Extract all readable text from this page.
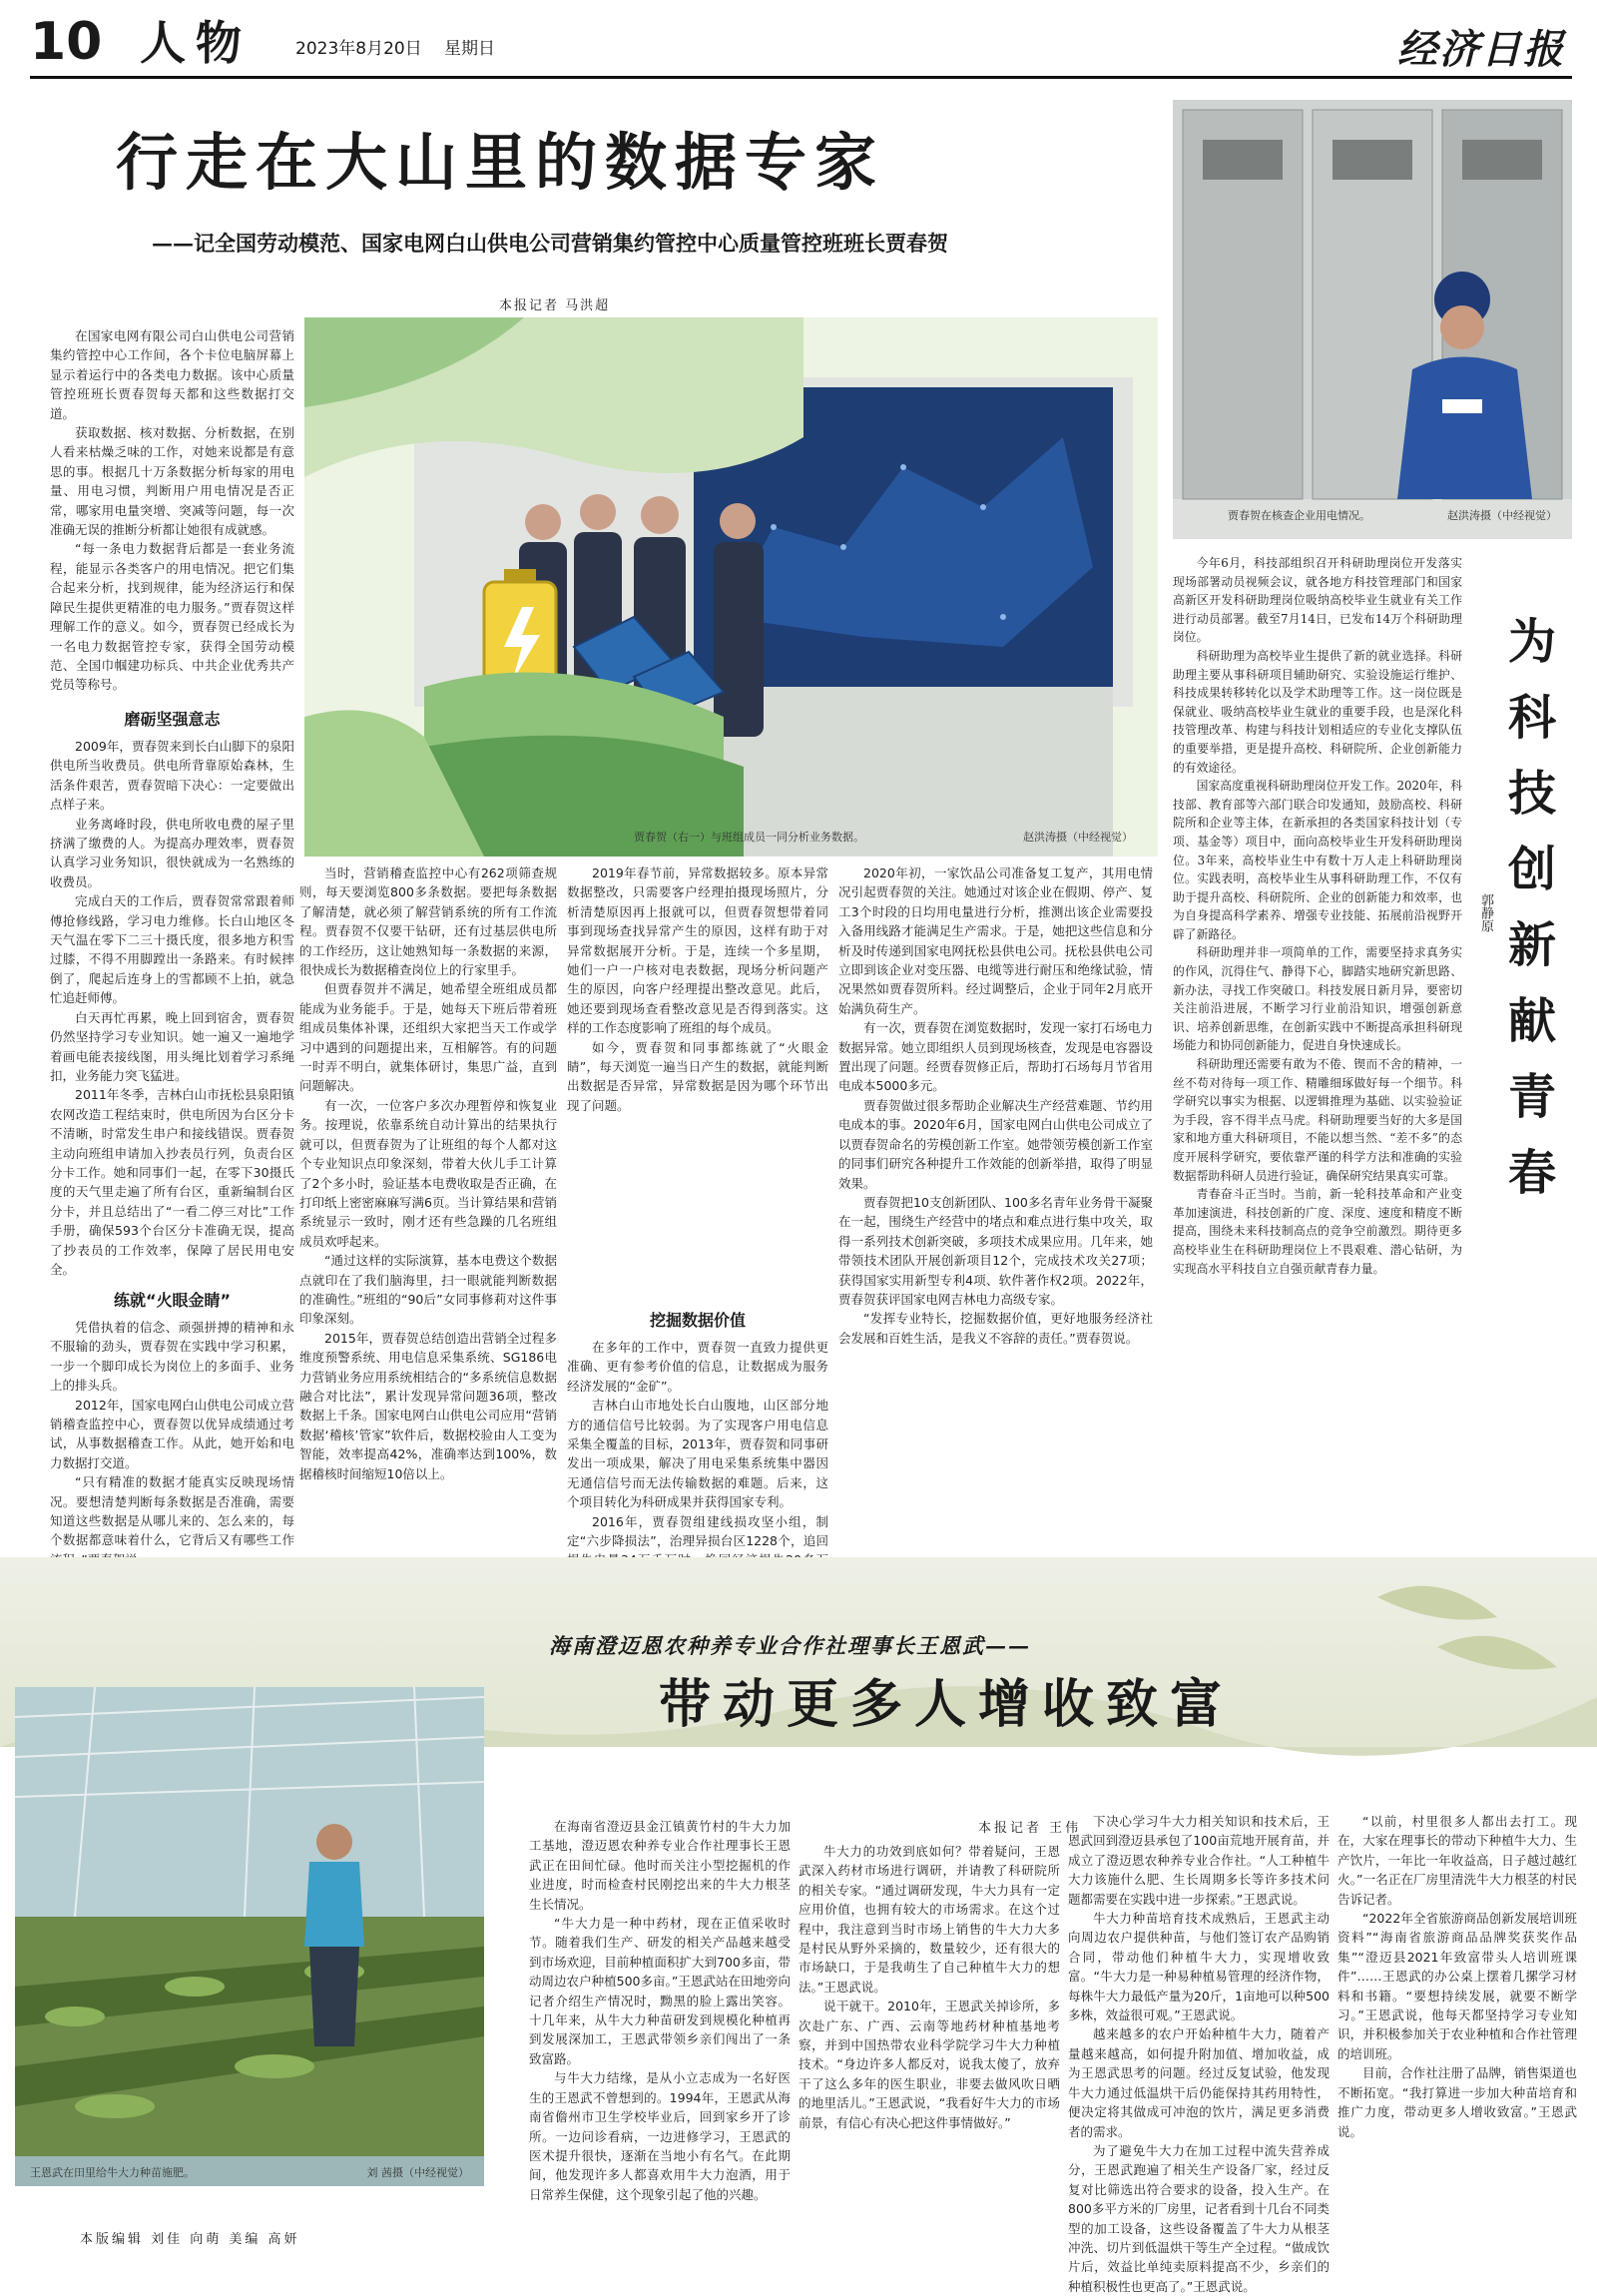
10 人物	2023年8月20日 星期日	经济日报
行走在大山里的数据专家
——记全国劳动模范、国家电网白山供电公司营销集约管控中心质量管控班班长贾春贺
本报记者 马洪超
贾春贺（右一）与班组成员一同分析业务数据。	赵洪涛摄（中经视觉）
贾春贺在核查企业用电情况。	赵洪涛摄（中经视觉）

在国家电网有限公司白山供电公司营销集约管控中心工作间，各个卡位电脑屏幕上显示着运行中的各类电力数据。该中心质量管控班班长贾春贺每天都和这些数据打交道。

获取数据、核对数据、分析数据，在别人看来枯燥乏味的工作，对她来说都是有意思的事。根据几十万条数据分析每家的用电量、用电习惯，判断用户用电情况是否正常，哪家用电量突增、突减等问题，每一次准确无误的推断分析都让她很有成就感。

“每一条电力数据背后都是一套业务流程，能显示各类客户的用电情况。把它们集合起来分析，找到规律，能为经济运行和保障民生提供更精准的电力服务。”贾春贺这样理解工作的意义。如今，贾春贺已经成长为一名电力数据管控专家，获得全国劳动模范、全国巾帼建功标兵、中共企业优秀共产党员等称号。

磨砺坚强意志

2009年，贾春贺来到长白山脚下的泉阳供电所当收费员。供电所背靠原始森林，生活条件艰苦，贾春贺暗下决心：一定要做出点样子来。

业务离峰时段，供电所收电费的屋子里挤满了缴费的人。为提高办理效率，贾春贺认真学习业务知识，很快就成为一名熟练的收费员。

完成白天的工作后，贾春贺常常跟着师傅抢修线路，学习电力维修。长白山地区冬天气温在零下二三十摄氏度，很多地方积雪过膝，不得不用脚蹚出一条路来。有时候摔倒了，爬起后连身上的雪都顾不上拍，就急忙追赶师傅。

白天再忙再累，晚上回到宿舍，贾春贺仍然坚持学习专业知识。她一遍又一遍地学着画电能表接线图，用头绳比划着学习系绳扣，业务能力突飞猛进。

2011年冬季，吉林白山市抚松县泉阳镇农网改造工程结束时，供电所因为台区分卡不清晰，时常发生串户和接线错误。贾春贺主动向班组申请加入抄表员行列，负责台区分卡工作。她和同事们一起，在零下30摄氏度的天气里走遍了所有台区，重新编制台区分卡，并且总结出了“一看二停三对比”工作手册，确保593个台区分卡准确无误，提高了抄表员的工作效率，保障了居民用电安全。

练就“火眼金睛”

凭借执着的信念、顽强拼搏的精神和永不服输的劲头，贾春贺在实践中学习积累，一步一个脚印成长为岗位上的多面手、业务上的排头兵。

2012年，国家电网白山供电公司成立营销稽查监控中心，贾春贺以优异成绩通过考试，从事数据稽查工作。从此，她开始和电力数据打交道。

“只有精准的数据才能真实反映现场情况。要想清楚判断每条数据是否准确，需要知道这些数据是从哪儿来的、怎么来的，每个数据都意味着什么，它背后又有哪些工作

当时，营销稽查监控中心有262项筛查规则，每天要浏览800多条数据。要把每条数据了解清楚，就必须了解营销系统的所有工作流程。贾春贺不仅要干钻研，还有过基层供电所的工作经历，这让她熟知每一条数据的来源，很快成长为数据稽查岗位上的行家里手。

但贾春贺并不满足，她希望全班组成员都能成为业务能手。于是，她每天下班后带着班组成员集体补课，还组织大家把当天工作或学习中遇到的问题提出来，互相解答。有的问题一时弄不明白，就集体研讨，集思广益，直到问题解决。

有一次，一位客户多次办理暂停和恢复业务。按理说，依靠系统自动计算出的结果执行就可以，但贾春贺为了让班组的每个人都对这个专业知识点印象深刻，带着大伙儿手工计算了2个多小时，验证基本电费收取是否正确，在打印纸上密密麻麻写满6页。当计算结果和营销系统显示一致时，刚才还有些急躁的几名班组成员欢呼起来。

“通过这样的实际演算，基本电费这个数据点就印在了我们脑海里，扫一眼就能判断数据的准确性。”班组的“90后”女同事修莉对这件事印象深刻。

2015年，贾春贺总结创造出营销全过程多维度预警系统、用电信息采集系统、SG186电力营销业务应用系统相结合的“多系统信息数据融合对比法”，累计发现异常问题36项，整改数据上千条。国家电网白山供电公司应用“营销数据‘稽核’管家”软件后，数据校验由人工变为智能，效率提高42%，准确率达到100%，数据稽核时间缩短10倍以上。

2019年春节前，异常数据较多。原本异常数据整改，只需要客户经理拍摄现场照片，分析清楚原因再上报就可以，但贾春贺想带着同事到现场查找异常产生的原因，这样有助于对异常数据展开分析。于是，连续一个多星期，她们一户一户核对电表数据，现场分析问题产生的原因，向客户经理提出整改意见。此后，她还要到现场查看整改意见是否得到落实。这样的工作态度影响了班组的每个成员。

如今，贾春贺和同事都练就了“火眼金睛”，每天浏览一遍当日产生的数据，就能判断出数据是否异常，异常数据是因为哪个环节出现了问题。

挖掘数据价值

在多年的工作中，贾春贺一直致力提供更准确、更有参考价值的信息，让数据成为服务经济发展的“金矿”。

吉林白山市地处长白山腹地，山区部分地方的通信信号比较弱。为了实现客户用电信息采集全覆盖的目标，2013年，贾春贺和同事研发出一项成果，解决了用电采集系统集中器因无通信信号而无法传输数据的难题。后来，这个项目转化为科研成果并获得国家专利。

2016年，贾春贺组建线损攻坚小组，制定“六步降损法”，治理异损台区1228个，追回

2020年初，一家饮品公司准备复工复产，其用电情况引起贾春贺的关注。她通过对该企业在假期、停产、复工3个时段的日均用电量进行分析，推测出该企业需要投入备用线路才能满足生产需求。于是，她把这些信息和分析及时传递到国家电网抚松县供电公司。抚松县供电公司立即到该企业对变压器、电缆等进行耐压和绝缘试验，情况果然如贾春贺所料。经过调整后，企业于同年2月底开始满负荷生产。

有一次，贾春贺在浏览数据时，发现一家打石场电力数据异常。她立即组织人员到现场核查，发现是电容器设置出现了问题。经贾春贺修正后，帮助打石场每月节省用电成本5000多元。

贾春贺做过很多帮助企业解决生产经营难题、节约用电成本的事。2020年6月，国家电网白山供电公司成立了以贾春贺命名的劳模创新工作室。她带领劳模创新工作室的同事们研究各种提升工作效能的创新举措，取得了明显效果。

贾春贺把10支创新团队、100多名青年业务骨干凝聚在一起，围绕生产经营中的堵点和难点进行集中攻关，取得一系列技术创新突破，多项技术成果应用。几年来，她带领技术团队开展创新项目12个，完成技术攻关27项；获得国家实用新型专利4项、软件著作权2项。2022年，贾春贺获评国家电网吉林电力高级专家。

“发挥专业特长，挖掘数据价值，更好地服务经济社会发展和百姓生活，是我义不容辞的责任。”贾春贺说。

今年6月，科技部组织召开科研助理岗位开发落实现场部署动员视频会议，就各地方科技管理部门和国家高新区开发科研助理岗位吸纳高校毕业生就业有关工作进行动员部署。截至7月14日，已发布14万个科研助理岗位。

科研助理为高校毕业生提供了新的就业选择。科研助理主要从事科研项目辅助研究、实验设施运行维护、科技成果转移转化以及学术助理等工作。这一岗位既是保就业、吸纳高校毕业生就业的重要手段，也是深化科技管理改革、构建与科技计划相适应的专业化支撑队伍的重要举措，更是提升高校、科研院所、企业创新能力的有效途径。

国家高度重视科研助理岗位开发工作。2020年，科技部、教育部等六部门联合印发通知，鼓励高校、科研院所和企业等主体，在新承担的各类国家科技计划（专项、基金等）项目中，面向高校毕业生开发科研助理岗位。3年来，高校毕业生中有数十万人走上科研助理岗位。实践表明，高校毕业生从事科研助理工作，不仅有助于提升高校、科研院所、企业的创新能力和效率，也为自身提高科学素养、增强专业技能、拓展前沿视野开辟了新路径。

科研助理并非一项简单的工作，需要坚持求真务实的作风，沉得住气、静得下心，脚踏实地研究新思路、新办法，寻找工作突破口。科技发展日新月异，要密切关注前沿进展，不断学习行业前沿知识，增强创新意识、培养创新思维，在创新实践中不断提高承担科研现场能力和协同创新能力，促进自身快速成长。

科研助理还需要有敢为不倦、锲而不舍的精神，一丝不苟对待每一项工作、精雕细琢做好每一个细节。科学研究以事实为根据、以逻辑推理为基础、以实验验证为手段，容不得半点马虎。科研助理要当好的大多是国家和地方重大科研项目，不能以想当然、“差不多”的态度开展科学研究，要依靠严谨的科学方法和准确的实验数据帮助科研人员进行验证，确保研究结果真实可靠。

青春奋斗正当时。当前，新一轮科技革命和产业变革加速演进，科技创新的广度、深度、速度和精度不断提高，围绕未来科技制高点的竞争空前激烈。期待更多高校毕业生在科研助理岗位上不畏艰难、潜心钻研，为实现高水平科技自立自强贡献青春力量。

郭静原
为
科
技
创
新
献
青
春
海南澄迈恩农种养专业合作社理事长王恩武——
带动更多人增收致富
本报记者 王伟
王恩武在田里给牛大力种苗施肥。	刘 茜摄（中经视觉）

在海南省澄迈县金江镇黄竹村的牛大力加工基地，澄迈恩农种养专业合作社理事长王恩武正在田间忙碌。他时而关注小型挖掘机的作业进度，时而检查村民刚挖出来的牛大力根茎生长情况。

“牛大力是一种中药材，现在正值采收时节。随着我们生产、研发的相关产品越来越受到市场欢迎，目前种植面积扩大到700多亩，带动周边农户种植500多亩。”王恩武站在田地旁向记者介绍生产情况时，黝黑的脸上露出笑容。十几年来，从牛大力种苗研发到规模化种植再到发展深加工，王恩武带领乡亲们闯出了一条致富路。

与牛大力结缘，是从小立志成为一名好医生的王恩武不曾想到的。1994年，王恩武从海南省儋州市卫生学校毕业后，回到家乡开了诊所。一边问诊看病，一边进修学习，王恩武的医术提升很快，逐渐在当地小有名气。在此期间，他发现许多人都喜欢用牛大力泡酒，用于日常养生保健，这个现象引起了他的兴趣。

牛大力的功效到底如何？带着疑问，王恩武深入药材市场进行调研，并请教了科研院所的相关专家。“通过调研发现，牛大力具有一定应用价值，也拥有较大的市场需求。在这个过程中，我注意到当时市场上销售的牛大力大多是村民从野外采摘的，数量较少，还有很大的市场缺口，于是我萌生了自己种植牛大力的想法。”王恩武说。

说干就干。2010年，王恩武关掉诊所，多次赴广东、广西、云南等地药材种植基地考察，并到中国热带农业科学院学习牛大力种植技术。“身边许多人都反对，说我太傻了，放弃干了这么多年的医生职业，非要去做风吹日晒的地里活儿。”王恩武说，“我看好牛大力的市场前景，有信心有决心把这件事情做好。”

下决心学习牛大力相关知识和技术后，王恩武回到澄迈县承包了100亩荒地开展育苗，并成立了澄迈恩农种养专业合作社。“人工种植牛大力该施什么肥、生长周期多长等许多技术问题都需要在实践中进一步探索。”王恩武说。

牛大力种苗培育技术成熟后，王恩武主动向周边农户提供种苗，与他们签订农产品购销合同，带动他们种植牛大力，实现增收致富。“牛大力是一种易种植易管理的经济作物，每株牛大力最低产量为20斤，1亩地可以种500多株，效益很可观。”王恩武说。

越来越多的农户开始种植牛大力，随着产量越来越高，如何提升附加值、增加收益，成为王恩武思考的问题。经过反复试验，他发现牛大力通过低温烘干后仍能保持其药用特性，便决定将其做成可冲泡的饮片，满足更多消费者的需求。

为了避免牛大力在加工过程中流失营养成分，王恩武跑遍了相关生产设备厂家，经过反复对比筛选出符合要求的设备，投入生产。在800多平方米的厂房里，记者看到十几台不同类型的加工设备，这些设备覆盖了牛大力从根茎冲洗、切片到低温烘干等生产全过程。“做成饮片后，效益比单纯卖原料提高不少，乡亲们的种植积极性也更高了。”王恩武说。

“以前，村里很多人都出去打工。现在，大家在理事长的带动下种植牛大力、生产饮片，一年比一年收益高，日子越过越红火。”一名正在厂房里清洗牛大力根茎的村民告诉记者。

“2022年全省旅游商品创新发展培训班资料”“海南省旅游商品品牌奖获奖作品集”“澄迈县2021年致富带头人培训班课件”……王恩武的办公桌上摆着几摞学习材料和书籍。“要想持续发展，就要不断学习。”王恩武说，他每天都坚持学习专业知识，并积极参加关于农业种植和合作社管理的培训班。

目前，合作社注册了品牌，销售渠道也不断拓宽。“我打算进一步加大种苗培育和推广力度，带动更多人增收致富。”王恩武说。

本版编辑 刘佳 向萌 美编 高妍
